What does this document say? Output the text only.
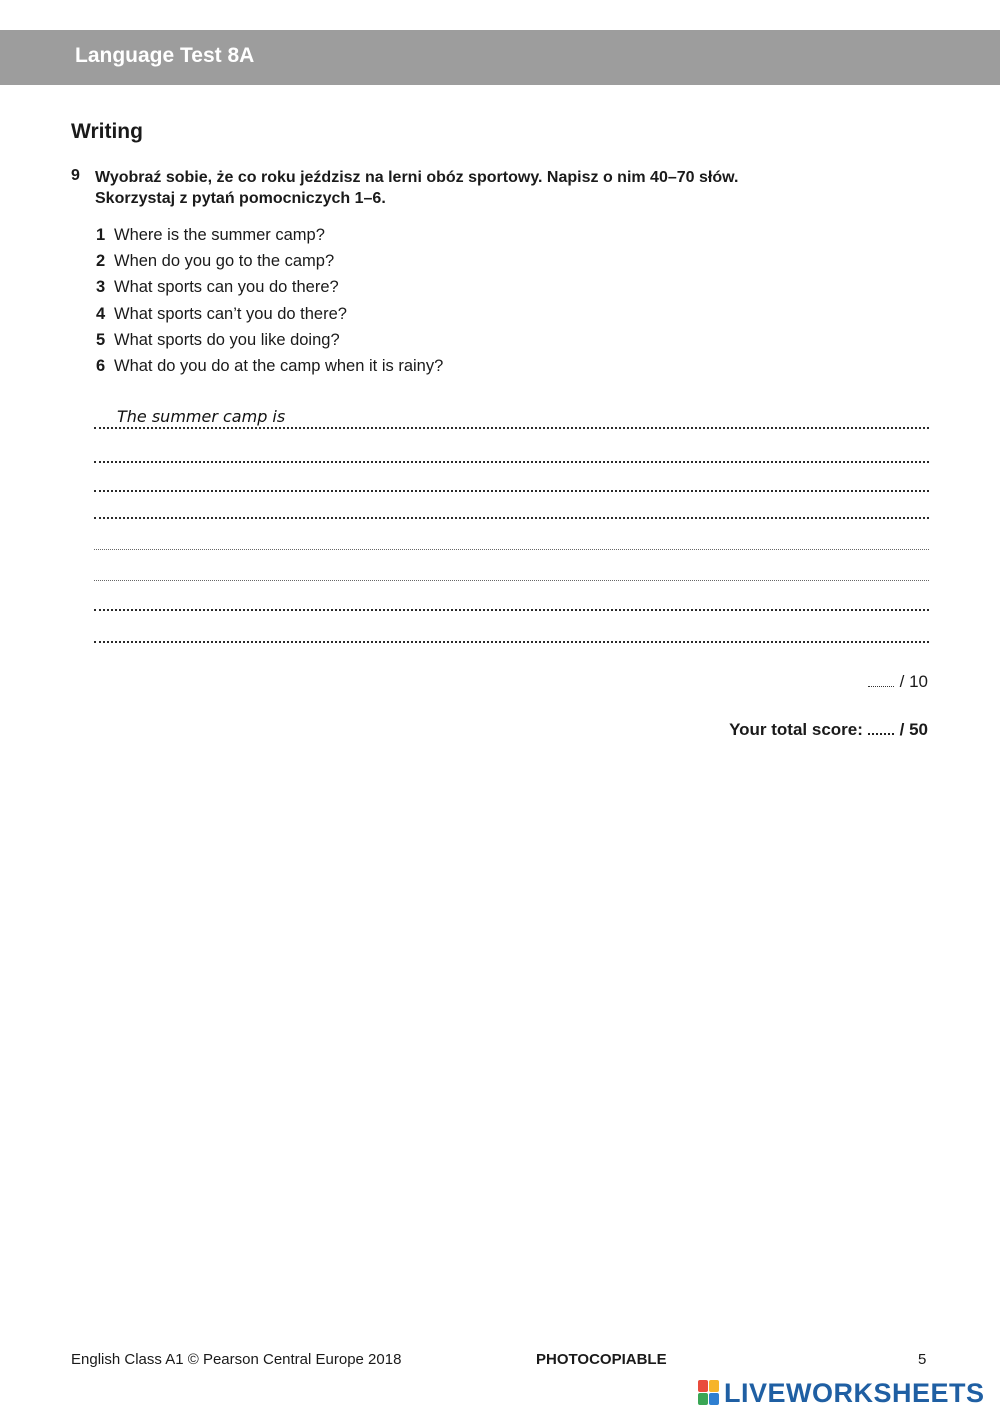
Language Test 8A
Writing
9 Wyobraź sobie, że co roku jeździsz na lerni obóz sportowy. Napisz o nim 40–70 słów.
Skorzystaj z pytań pomocniczych 1–6.
1 Where is the summer camp?
2 When do you go to the camp?
3 What sports can you do there?
4 What sports can’t you do there?
5 What sports do you like doing?
6 What do you do at the camp when it is rainy?
The summer camp is
/ 10
Your total score: / 50
English Class A1 © Pearson Central Europe 2018	PHOTOCOPIABLE	5
LIVEWORKSHEETS
